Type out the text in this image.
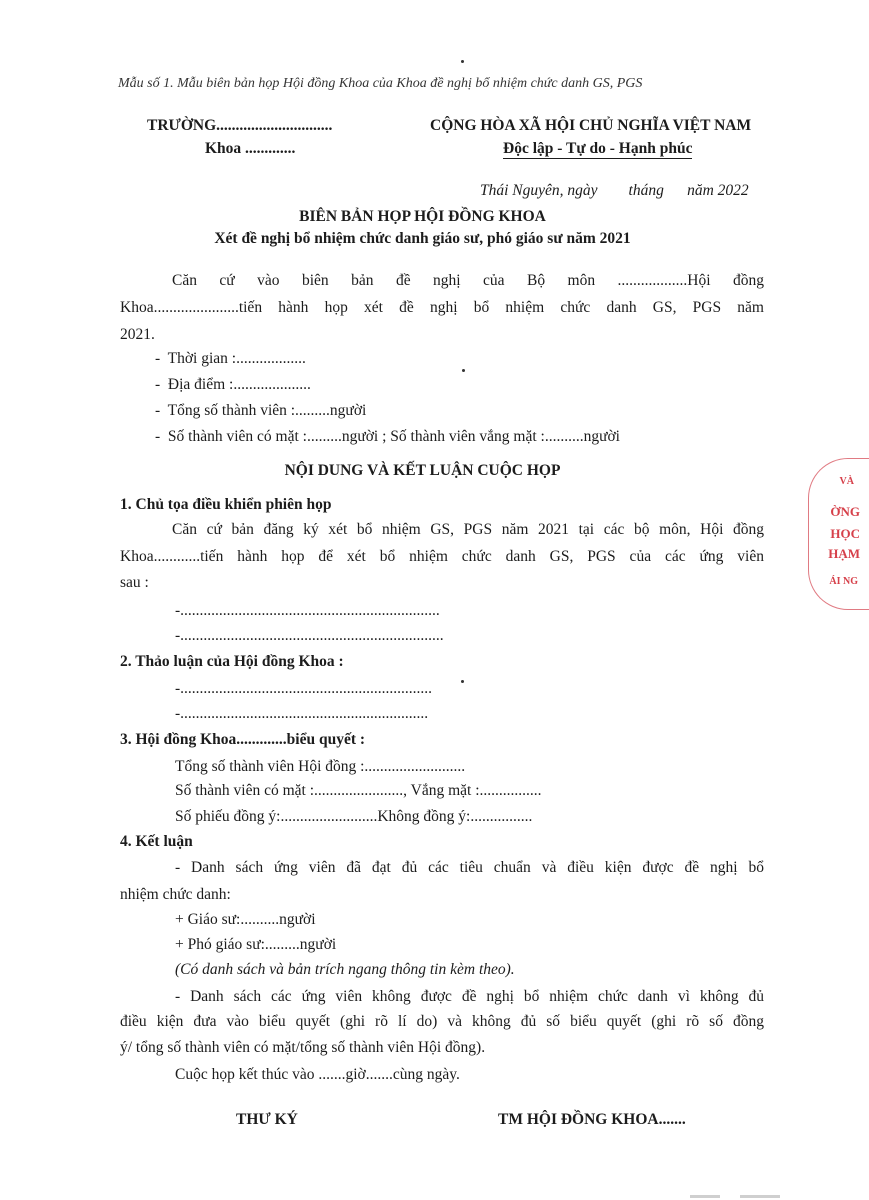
Mẫu số 1. Mẫu biên bản họp Hội đồng Khoa của Khoa đề nghị bổ nhiệm chức danh GS, PGS
TRƯỜNG..............................
Khoa .............
CỘNG HÒA XÃ HỘI CHỦ NGHĨA VIỆT NAM
Độc lập - Tự do - Hạnh phúc
Thái Nguyên, ngày        tháng      năm 2022
BIÊN BẢN HỌP HỘI ĐỒNG KHOA
Xét đề nghị bổ nhiệm chức danh giáo sư, phó giáo sư năm 2021
Căn cứ vào biên bản đề nghị của Bộ môn ..................Hội đồng
Khoa......................tiến hành họp xét đề nghị bổ nhiệm chức danh GS, PGS năm
2021.
-  Thời gian :..................
-  Địa điểm :....................
-  Tổng số thành viên :.........người
-  Số thành viên có mặt :.........người ; Số thành viên vắng mặt :..........người
NỘI DUNG VÀ KẾT LUẬN CUỘC HỌP
1. Chủ tọa điều khiển phiên họp
Căn cứ bản đăng ký xét bổ nhiệm GS, PGS năm 2021 tại các bộ môn, Hội đồng
Khoa............tiến hành họp để xét bổ nhiệm chức danh GS, PGS của các ứng viên
sau :
-...................................................................
-....................................................................
2. Thảo luận của Hội đồng Khoa :
-.................................................................
-................................................................
3. Hội đồng Khoa.............biểu quyết :
Tổng số thành viên Hội đồng :..........................
Số thành viên có mặt :......................., Vắng mặt :................
Số phiếu đồng ý:.........................Không đồng ý:................
4. Kết luận
- Danh sách ứng viên đã đạt đủ các tiêu chuẩn và điều kiện được đề nghị bổ
nhiệm chức danh:
+ Giáo sư:..........người
+ Phó giáo sư:.........người
(Có danh sách và bản trích ngang thông tin kèm theo).
- Danh sách các ứng viên không được đề nghị bổ nhiệm chức danh vì không đủ
điều kiện đưa vào biểu quyết (ghi rõ lí do) và không đủ số biểu quyết (ghi rõ số đồng
ý/ tổng số thành viên có mặt/tổng số thành viên Hội đồng).
Cuộc họp kết thúc vào .......giờ.......cùng ngày.
THƯ KÝ	TM HỘI ĐỒNG KHOA.......
VÀ
ỜNG
HỌC
HẠM
ÁI NG
